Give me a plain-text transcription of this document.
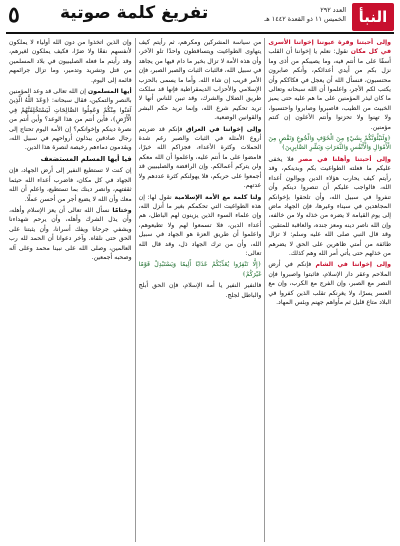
النبأ
العدد ٢٩٢
الخميس ١١ ذو القعدة ١٤٤٢ هـ
تفريغ كلمة صوتية
٥

وإلى أحبتنا وقرة عيوننا إخواننا الأسرى في كل مكان نقول: نعلم يا إخواننا أن القلب أسفًا على ما أنتم فيه، وما يصيبكم من أذى وما نزل بكم من أيدي أعدائكم، وأنكم صابرون محتسبون، فنسأل الله أن يعجل في فكاككم وأن يكتب لكم الأجر، واعلموا أن الله سبحانه وتعالى ما كان ليذر المؤمنين على ما هم عليه حتى يميز الخبيث من الطيب، فاصبروا وصابروا واحتسبوا، ولا تهنوا ولا تحزنوا وأنتم الأعلون إن كنتم مؤمنين.

﴿وَلَنَبْلُوَنَّكُمْ بِشَيْءٍ مِنَ الْخَوْفِ وَالْجُوعِ وَنَقْصٍ مِنَ الْأَمْوَالِ وَالْأَنْفُسِ وَالثَّمَرَاتِ وَبَشِّرِ الصَّابِرِينَ﴾

وإلى أحبتنا وأهلنا في مصر فلا يخفى عليكم ما فعلته الطواغيت بكم وبدينكم، وقد رأيتم كيف يحارب هؤلاء الدين ويوالون أعداء الله، فالواجب عليكم أن تنصروا دينكم وأن تنفروا في سبيل الله، وأن تلحقوا بإخوانكم المجاهدين في سيناء وغيرها، فإن الجهاد ماض إلى يوم القيامة لا يضره من خذله ولا من خالفه، وإن الله ناصر دينه ومعز جنده، والعاقبة للمتقين. وقد قال النبي صلى الله عليه وسلم: لا تزال طائفة من أمتي ظاهرين على الحق لا يضرهم من خذلهم حتى يأتي أمر الله وهم كذلك.

وإلى إخواننا في الشام فإنكم في أرض الملاحم وعقر دار الإسلام، فاثبتوا واصبروا فإن النصر مع الصبر، وإن الفرج مع الكرب، وإن مع العسر يسرًا، ولا يغرنكم تقلب الذين كفروا في البلاد متاع قليل ثم مأواهم جهنم وبئس المهاد.

من سياسة المشركين ومكرهم، ثم رأيتم كيف يتهاوى الطواغيت ويتساقطون واحدًا تلو الآخر، وأن هذه الأمة لا تزال بخير ما دام فيها من يجاهد في سبيل الله، فالثبات الثبات والصبر الصبر، فإن الأمر قريب إن شاء الله. وأما ما يسمى بالحزب الإسلامي والأحزاب الديمقراطية فإنها قد سلكت طريق الضلال والشرك، وقد تبين للناس أنها لا تريد تحكيم شرع الله، وإنما تريد حكم البشر والقوانين الوضعية.

وإلى إخواننا في العراق فإنكم قد ضربتم أروع الأمثلة في الثبات والصبر رغم شدة الحملات وكثرة الأعداء، فجزاكم الله خيرًا، فامضوا على ما أنتم عليه، واعلموا أن الله معكم ولن يتركم أعمالكم. وإن الرافضة والصليبيين قد أجمعوا على حربكم، فلا يهولنكم كثرة عددهم ولا عدتهم.

ولنا كلمة مع الأمة الإسلامية نقول لها: إن هذه الطواغيت التي تحكمكم بغير ما أنزل الله، وإن علماء السوء الذين يزينون لهم الباطل، هم أعداء الدين، فلا تسمعوا لهم ولا تطيعوهم، واعلموا أن طريق العزة هو الجهاد في سبيل الله، وأن من ترك الجهاد ذل، وقد قال الله تعالى:

﴿إِلَّا تَنْفِرُوا يُعَذِّبْكُمْ عَذَابًا أَلِيمًا وَيَسْتَبْدِلْ قَوْمًا غَيْرَكُمْ﴾

فالنفير النفير يا أمة الإسلام، فإن الحق أبلج والباطل لجلج.

وإن الذين اتخذوا من دون الله أولياء لا يملكون لأنفسهم نفعًا ولا ضرًا، فكيف يملكون لغيرهم، وقد رأيتم ما فعله الصليبيون في بلاد المسلمين من قتل وتشريد وتدمير، وما تزال جرائمهم قائمة إلى اليوم.

أيها المسلمون إن الله تعالى قد وعد المؤمنين بالنصر والتمكين، فقال سبحانه: ﴿وَعَدَ اللَّهُ الَّذِينَ آمَنُوا مِنْكُمْ وَعَمِلُوا الصَّالِحَاتِ لَيَسْتَخْلِفَنَّهُمْ فِي الْأَرْضِ﴾، فأين أنتم من هذا الوعد؟ وأين أنتم من نصرة دينكم وإخوانكم؟ إن الأمة اليوم تحتاج إلى رجال صادقين يبذلون أرواحهم في سبيل الله، ويقدمون دماءهم رخيصة لنصرة هذا الدين.

فيا أيها المسلم المستضعف

إن كنت لا تستطيع النفير إلى أرض الجهاد، فإن الجهاد في كل مكان، فاضرب أعداء الله حيثما ثقفتهم، وانصر دينك بما تستطيع، واعلم أن الله معك وأن الله لا يضيع أجر من أحسن عملًا.

وختامًا نسأل الله تعالى أن يعز الإسلام وأهله، وأن يذل الشرك وأهله، وأن يرحم شهداءنا ويشفي جرحانا ويفك أسرانا، وأن يثبتنا على الحق حتى نلقاه. وآخر دعوانا أن الحمد لله رب العالمين، وصلى الله على نبينا محمد وعلى آله وصحبه أجمعين.
